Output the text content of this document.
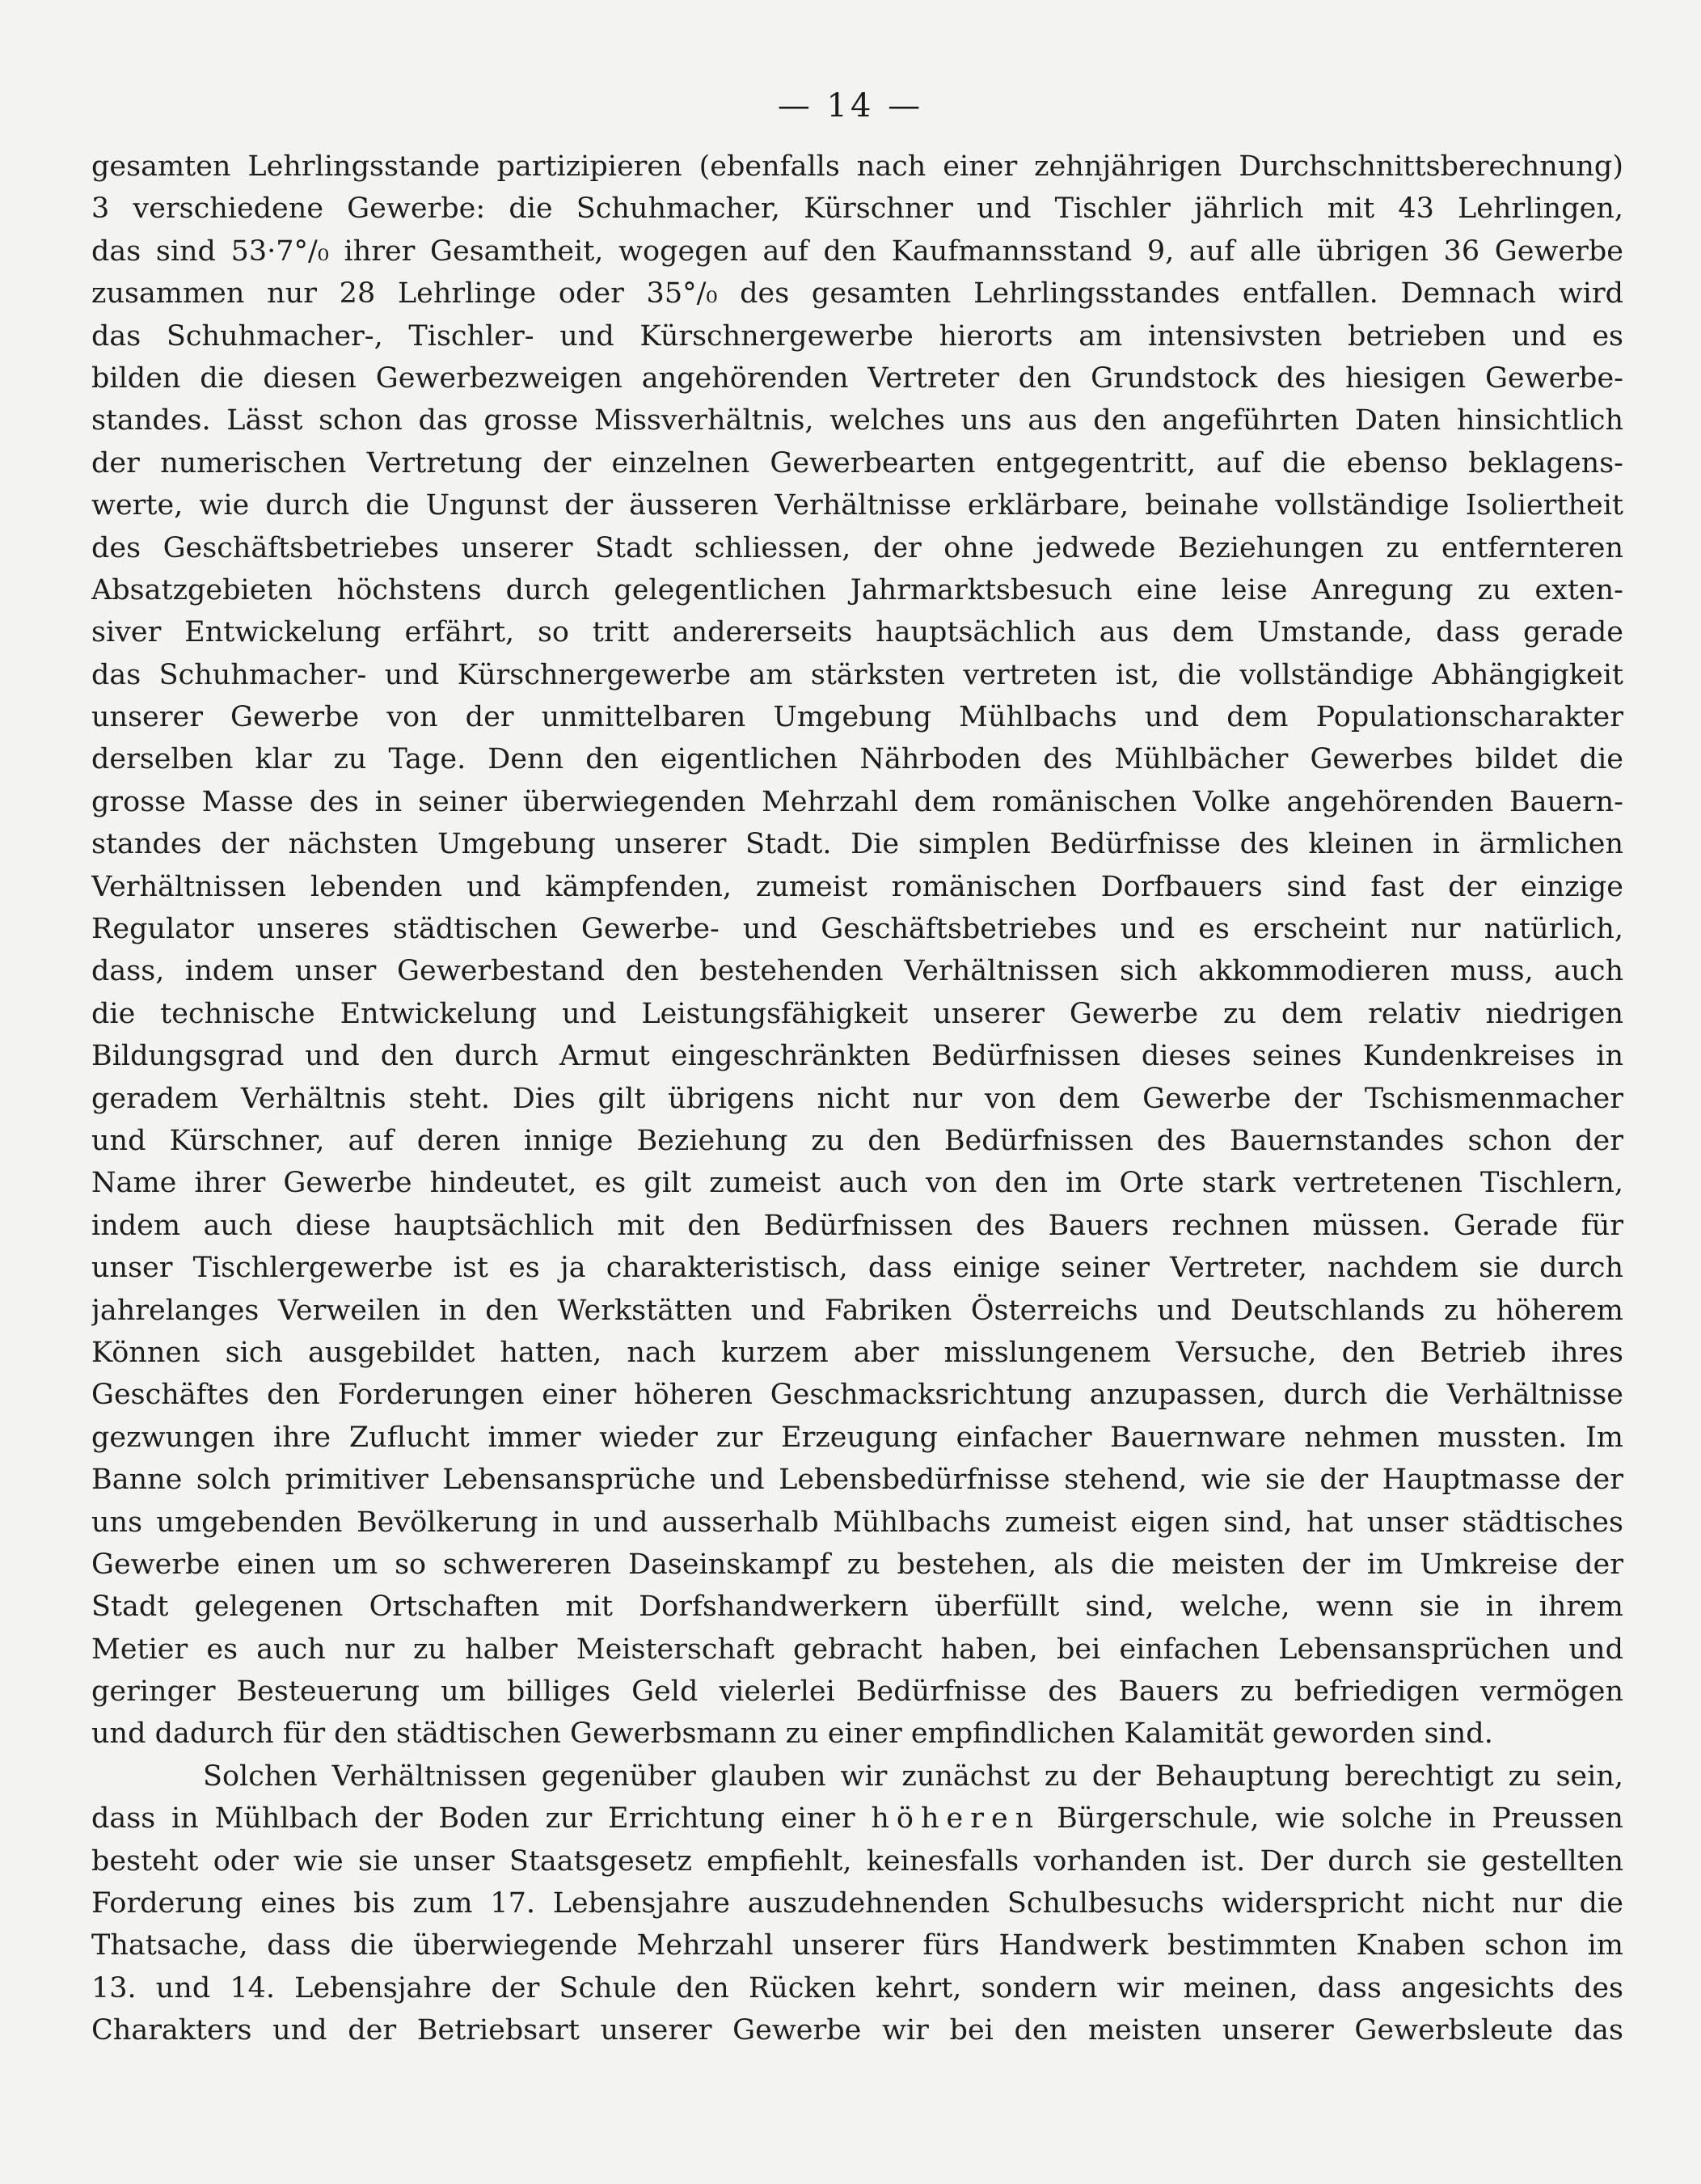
— 14 —
gesamten Lehrlingsstande partizipieren (ebenfalls nach einer zehnjährigen Durchschnittsberechnung)
3 verschiedene Gewerbe: die Schuhmacher, Kürschner und Tischler jährlich mit 43 Lehrlingen,
das sind 53·7°/₀ ihrer Gesamtheit, wogegen auf den Kaufmannsstand 9, auf alle übrigen 36 Gewerbe
zusammen nur 28 Lehrlinge oder 35°/₀ des gesamten Lehrlingsstandes entfallen. Demnach wird
das Schuhmacher-, Tischler- und Kürschnergewerbe hierorts am intensivsten betrieben und es
bilden die diesen Gewerbezweigen angehörenden Vertreter den Grundstock des hiesigen Gewerbe-
standes. Lässt schon das grosse Missverhältnis, welches uns aus den angeführten Daten hinsichtlich
der numerischen Vertretung der einzelnen Gewerbearten entgegentritt, auf die ebenso beklagens-
werte, wie durch die Ungunst der äusseren Verhältnisse erklärbare, beinahe vollständige Isoliertheit
des Geschäftsbetriebes unserer Stadt schliessen, der ohne jedwede Beziehungen zu entfernteren
Absatzgebieten höchstens durch gelegentlichen Jahrmarktsbesuch eine leise Anregung zu exten-
siver Entwickelung erfährt, so tritt andererseits hauptsächlich aus dem Umstande, dass gerade
das Schuhmacher- und Kürschnergewerbe am stärksten vertreten ist, die vollständige Abhängigkeit
unserer Gewerbe von der unmittelbaren Umgebung Mühlbachs und dem Populationscharakter
derselben klar zu Tage. Denn den eigentlichen Nährboden des Mühlbächer Gewerbes bildet die
grosse Masse des in seiner überwiegenden Mehrzahl dem romänischen Volke angehörenden Bauern-
standes der nächsten Umgebung unserer Stadt. Die simplen Bedürfnisse des kleinen in ärmlichen
Verhältnissen lebenden und kämpfenden, zumeist romänischen Dorfbauers sind fast der einzige
Regulator unseres städtischen Gewerbe- und Geschäftsbetriebes und es erscheint nur natürlich,
dass, indem unser Gewerbestand den bestehenden Verhältnissen sich akkommodieren muss, auch
die technische Entwickelung und Leistungsfähigkeit unserer Gewerbe zu dem relativ niedrigen
Bildungsgrad und den durch Armut eingeschränkten Bedürfnissen dieses seines Kundenkreises in
geradem Verhältnis steht. Dies gilt übrigens nicht nur von dem Gewerbe der Tschismenmacher
und Kürschner, auf deren innige Beziehung zu den Bedürfnissen des Bauernstandes schon der
Name ihrer Gewerbe hindeutet, es gilt zumeist auch von den im Orte stark vertretenen Tischlern,
indem auch diese hauptsächlich mit den Bedürfnissen des Bauers rechnen müssen. Gerade für
unser Tischlergewerbe ist es ja charakteristisch, dass einige seiner Vertreter, nachdem sie durch
jahrelanges Verweilen in den Werkstätten und Fabriken Österreichs und Deutschlands zu höherem
Können sich ausgebildet hatten, nach kurzem aber misslungenem Versuche, den Betrieb ihres
Geschäftes den Forderungen einer höheren Geschmacksrichtung anzupassen, durch die Verhältnisse
gezwungen ihre Zuflucht immer wieder zur Erzeugung einfacher Bauernware nehmen mussten. Im
Banne solch primitiver Lebensansprüche und Lebensbedürfnisse stehend, wie sie der Hauptmasse der
uns umgebenden Bevölkerung in und ausserhalb Mühlbachs zumeist eigen sind, hat unser städtisches
Gewerbe einen um so schwereren Daseinskampf zu bestehen, als die meisten der im Umkreise der
Stadt gelegenen Ortschaften mit Dorfshandwerkern überfüllt sind, welche, wenn sie in ihrem
Metier es auch nur zu halber Meisterschaft gebracht haben, bei einfachen Lebensansprüchen und
geringer Besteuerung um billiges Geld vielerlei Bedürfnisse des Bauers zu befriedigen vermögen
und dadurch für den städtischen Gewerbsmann zu einer empfindlichen Kalamität geworden sind.
Solchen Verhältnissen gegenüber glauben wir zunächst zu der Behauptung berechtigt zu sein,
dass in Mühlbach der Boden zur Errichtung einer höheren Bürgerschule, wie solche in Preussen
besteht oder wie sie unser Staatsgesetz empfiehlt, keinesfalls vorhanden ist. Der durch sie gestellten
Forderung eines bis zum 17. Lebensjahre auszudehnenden Schulbesuchs widerspricht nicht nur die
Thatsache, dass die überwiegende Mehrzahl unserer fürs Handwerk bestimmten Knaben schon im
13. und 14. Lebensjahre der Schule den Rücken kehrt, sondern wir meinen, dass angesichts des
Charakters und der Betriebsart unserer Gewerbe wir bei den meisten unserer Gewerbsleute das
